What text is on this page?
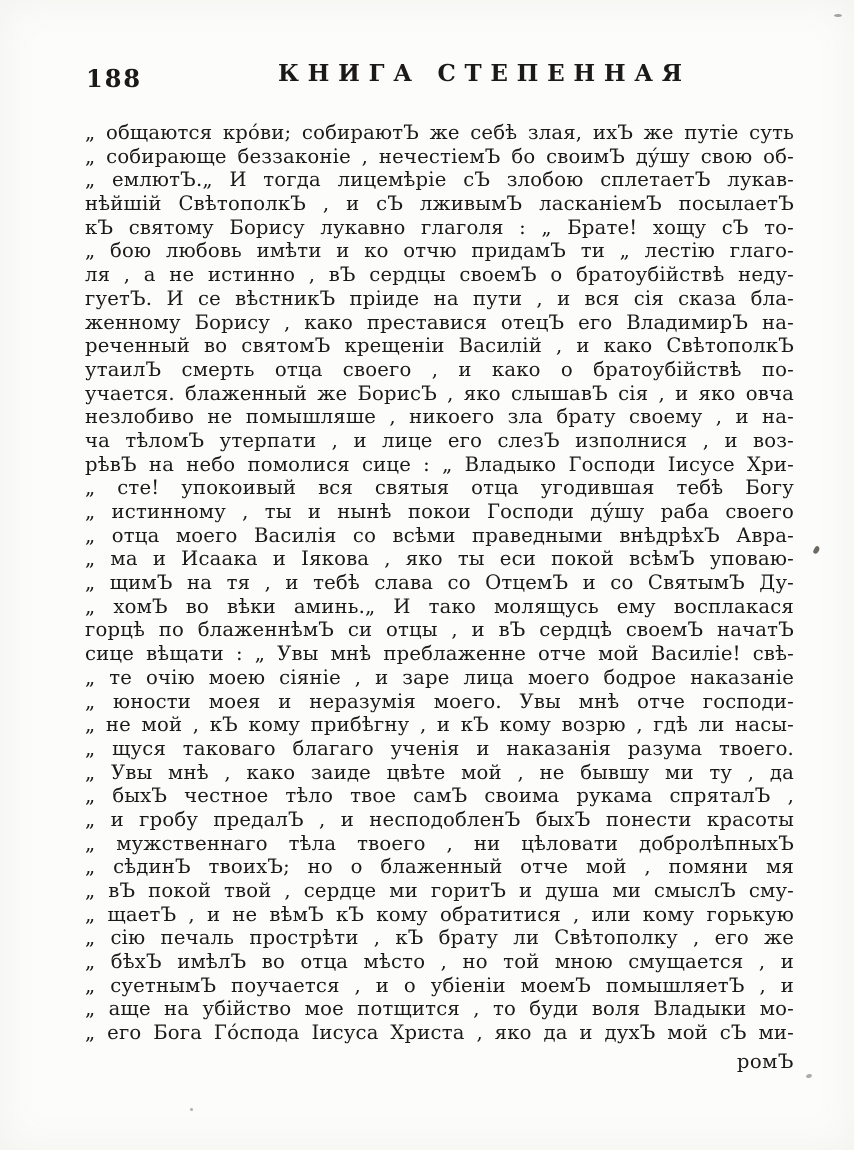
188	КНИГА СТЕПЕННАЯ
„ общаются кро́ви; собираютЪ же себѣ злая, ихЪ же путіе суть
„ собирающе беззаконіе , нечестіемЪ бо своимЪ ду́шу свою об-
„ емлютЪ.„ И тогда лицемѣріе сЪ злобою сплетаетЪ лукав-
нѣйшій СвѣтополкЪ , и сЪ лживымЪ ласканіемЪ посылаетЪ
кЪ святому Борису лукавно глаголя : „ Брате! хощу сЪ то-
„ бою любовь имѣти и ко отчю придамЪ ти „ лестію глаго-
ля , а не истинно , вЪ сердцы своемЪ о братоубійствѣ неду-
гуетЪ. И се вѣстникЪ пріиде на пути , и вся сія сказа бла-
женному Борису , како преставися отецЪ его ВладимирЪ на-
реченный во святомЪ крещеніи Василій , и како СвѣтополкЪ
утаилЪ смерть отца своего , и како о братоубійствѣ по-
учается. блаженный же БорисЪ , яко слышавЪ сія , и яко овча
незлобиво не помышляше , никоего зла брату своему , и на-
ча тѣломЪ утерпати , и лице его слезЪ изполнися , и воз-
рѣвЪ на небо помолися сице : „ Владыко Господи Іисусе Хри-
„ сте! упокоивый вся святыя отца угодившая тебѣ Богу
„ истинному , ты и нынѣ покои Господи ду́шу раба своего
„ отца моего Василія со всѣми праведными внѣдрѣхЪ Авра-
„ ма и Исаака и Іякова , яко ты еси покой всѣмЪ уповаю-
„ щимЪ на тя , и тебѣ слава со ОтцемЪ и со СвятымЪ Ду-
„ хомЪ во вѣки аминь.„ И тако молящусь ему восплакася
горцѣ по блаженнѣмЪ си отцы , и вЪ сердцѣ своемЪ начатЪ
сице вѣщати : „ Увы мнѣ преблаженне отче мой Василіе! свѣ-
„ те очію моею сіяніе , и заре лица моего бодрое наказаніе
„ юности моея и неразумія моего. Увы мнѣ отче господи-
„ не мой , кЪ кому прибѣгну , и кЪ кому возрю , гдѣ ли насы-
„ щуся таковаго благаго ученія и наказанія разума твоего.
„ Увы мнѣ , како заиде цвѣте мой , не бывшу ми ту , да
„ быхЪ честное тѣло твое самЪ своима рукама спряталЪ ,
„ и гробу предалЪ , и несподобленЪ быхЪ понести красоты
„ мужственнаго тѣла твоего , ни цѣловати добролѣпныхЪ
„ сѣдинЪ твоихЪ; но о блаженный отче мой , помяни мя
„ вЪ покой твой , сердце ми горитЪ и душа ми смыслЪ сму-
„ щаетЪ , и не вѣмЪ кЪ кому обратитися , или кому горькую
„ сію печаль прострѣти , кЪ брату ли Свѣтополку , его же
„ бѣхЪ имѣлЪ во отца мѣсто , но той мною смущается , и
„ суетнымЪ поучается , и о убіеніи моемЪ помышляетЪ , и
„ аще на убійство мое потщится , то буди воля Владыки мо-
„ его Бога Го́спода Іисуса Христа , яко да и духЪ мой сЪ ми-
ромЪ
